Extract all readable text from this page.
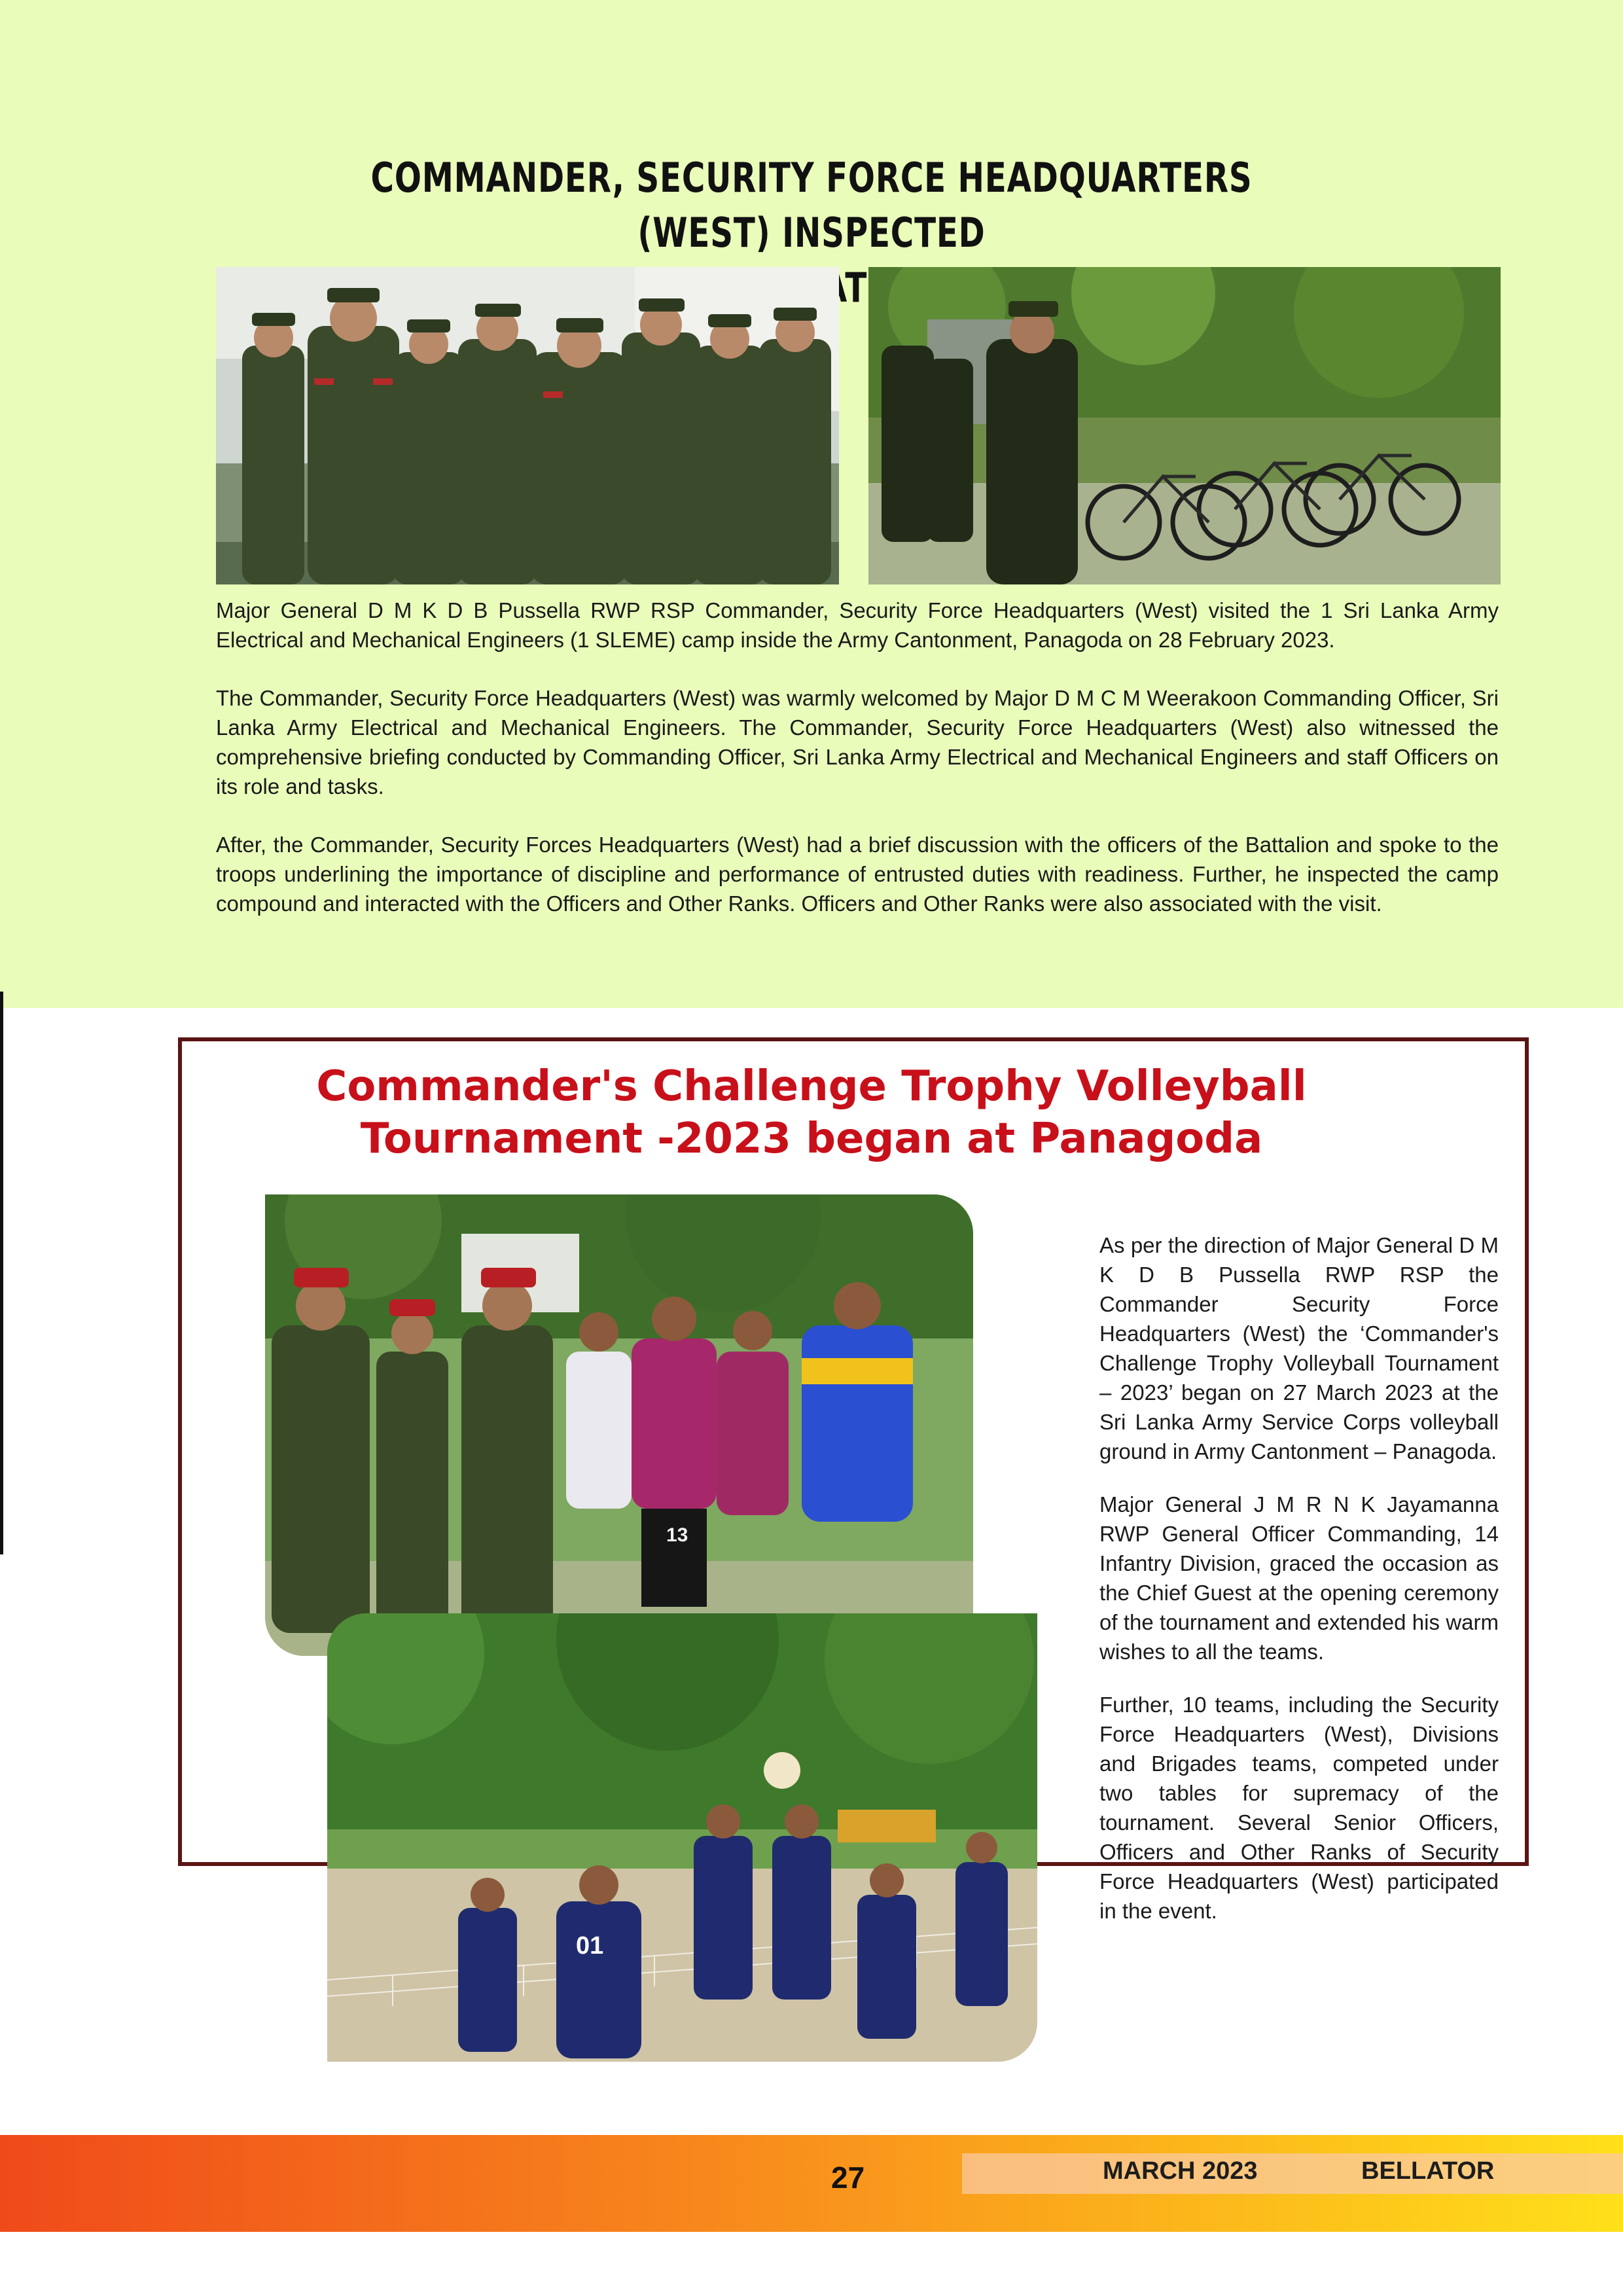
COMMANDER, SECURITY FORCE HEADQUARTERS (WEST) INSPECTED
AT

Major General D M K D B Pussella RWP RSP Commander, Security Force Headquarters (West) visited the 1 Sri Lanka Army Electrical and Mechanical Engineers (1 SLEME) camp inside the Army Cantonment, Panagoda on 28 February 2023.

The Commander, Security Force Headquarters (West) was warmly welcomed by Major D M C M Weerakoon Commanding Officer, Sri Lanka Army Electrical and Mechanical Engineers. The Commander, Security Force Headquarters (West) also witnessed the comprehensive briefing conducted by Commanding Officer, Sri Lanka Army Electrical and Mechanical Engineers and staff Officers on its role and tasks.

After, the Commander, Security Forces Headquarters (West) had a brief discussion with the officers of the Battalion and spoke to the troops underlining the importance of discipline and performance of entrusted duties with readiness. Further, he inspected the camp compound and interacted with the Officers and Other Ranks. Officers and Other Ranks were also associated with the visit.

Commander's Challenge Trophy Volleyball
Tournament -2023 began at Panagoda
13
01

As per the direction of Major General D M K D B Pussella RWP RSP the Commander Security Force Headquarters (West) the ‘Commander's Challenge Trophy Volleyball Tournament – 2023’ began on 27 March 2023 at the Sri Lanka Army Service Corps volleyball ground in Army Cantonment – Panagoda.

Major General J M R N K Jayamanna RWP General Officer Commanding, 14 Infantry Division, graced the occasion as the Chief Guest at the opening ceremony of the tournament and extended his warm wishes to all the teams.

Further, 10 teams, including the Security Force Headquarters (West), Divisions and Brigades teams, competed under two tables for supremacy of the tournament. Several Senior Officers, Officers and Other Ranks of Security Force Headquarters (West) participated in the event.

27	MARCH 2023	BELLATOR
